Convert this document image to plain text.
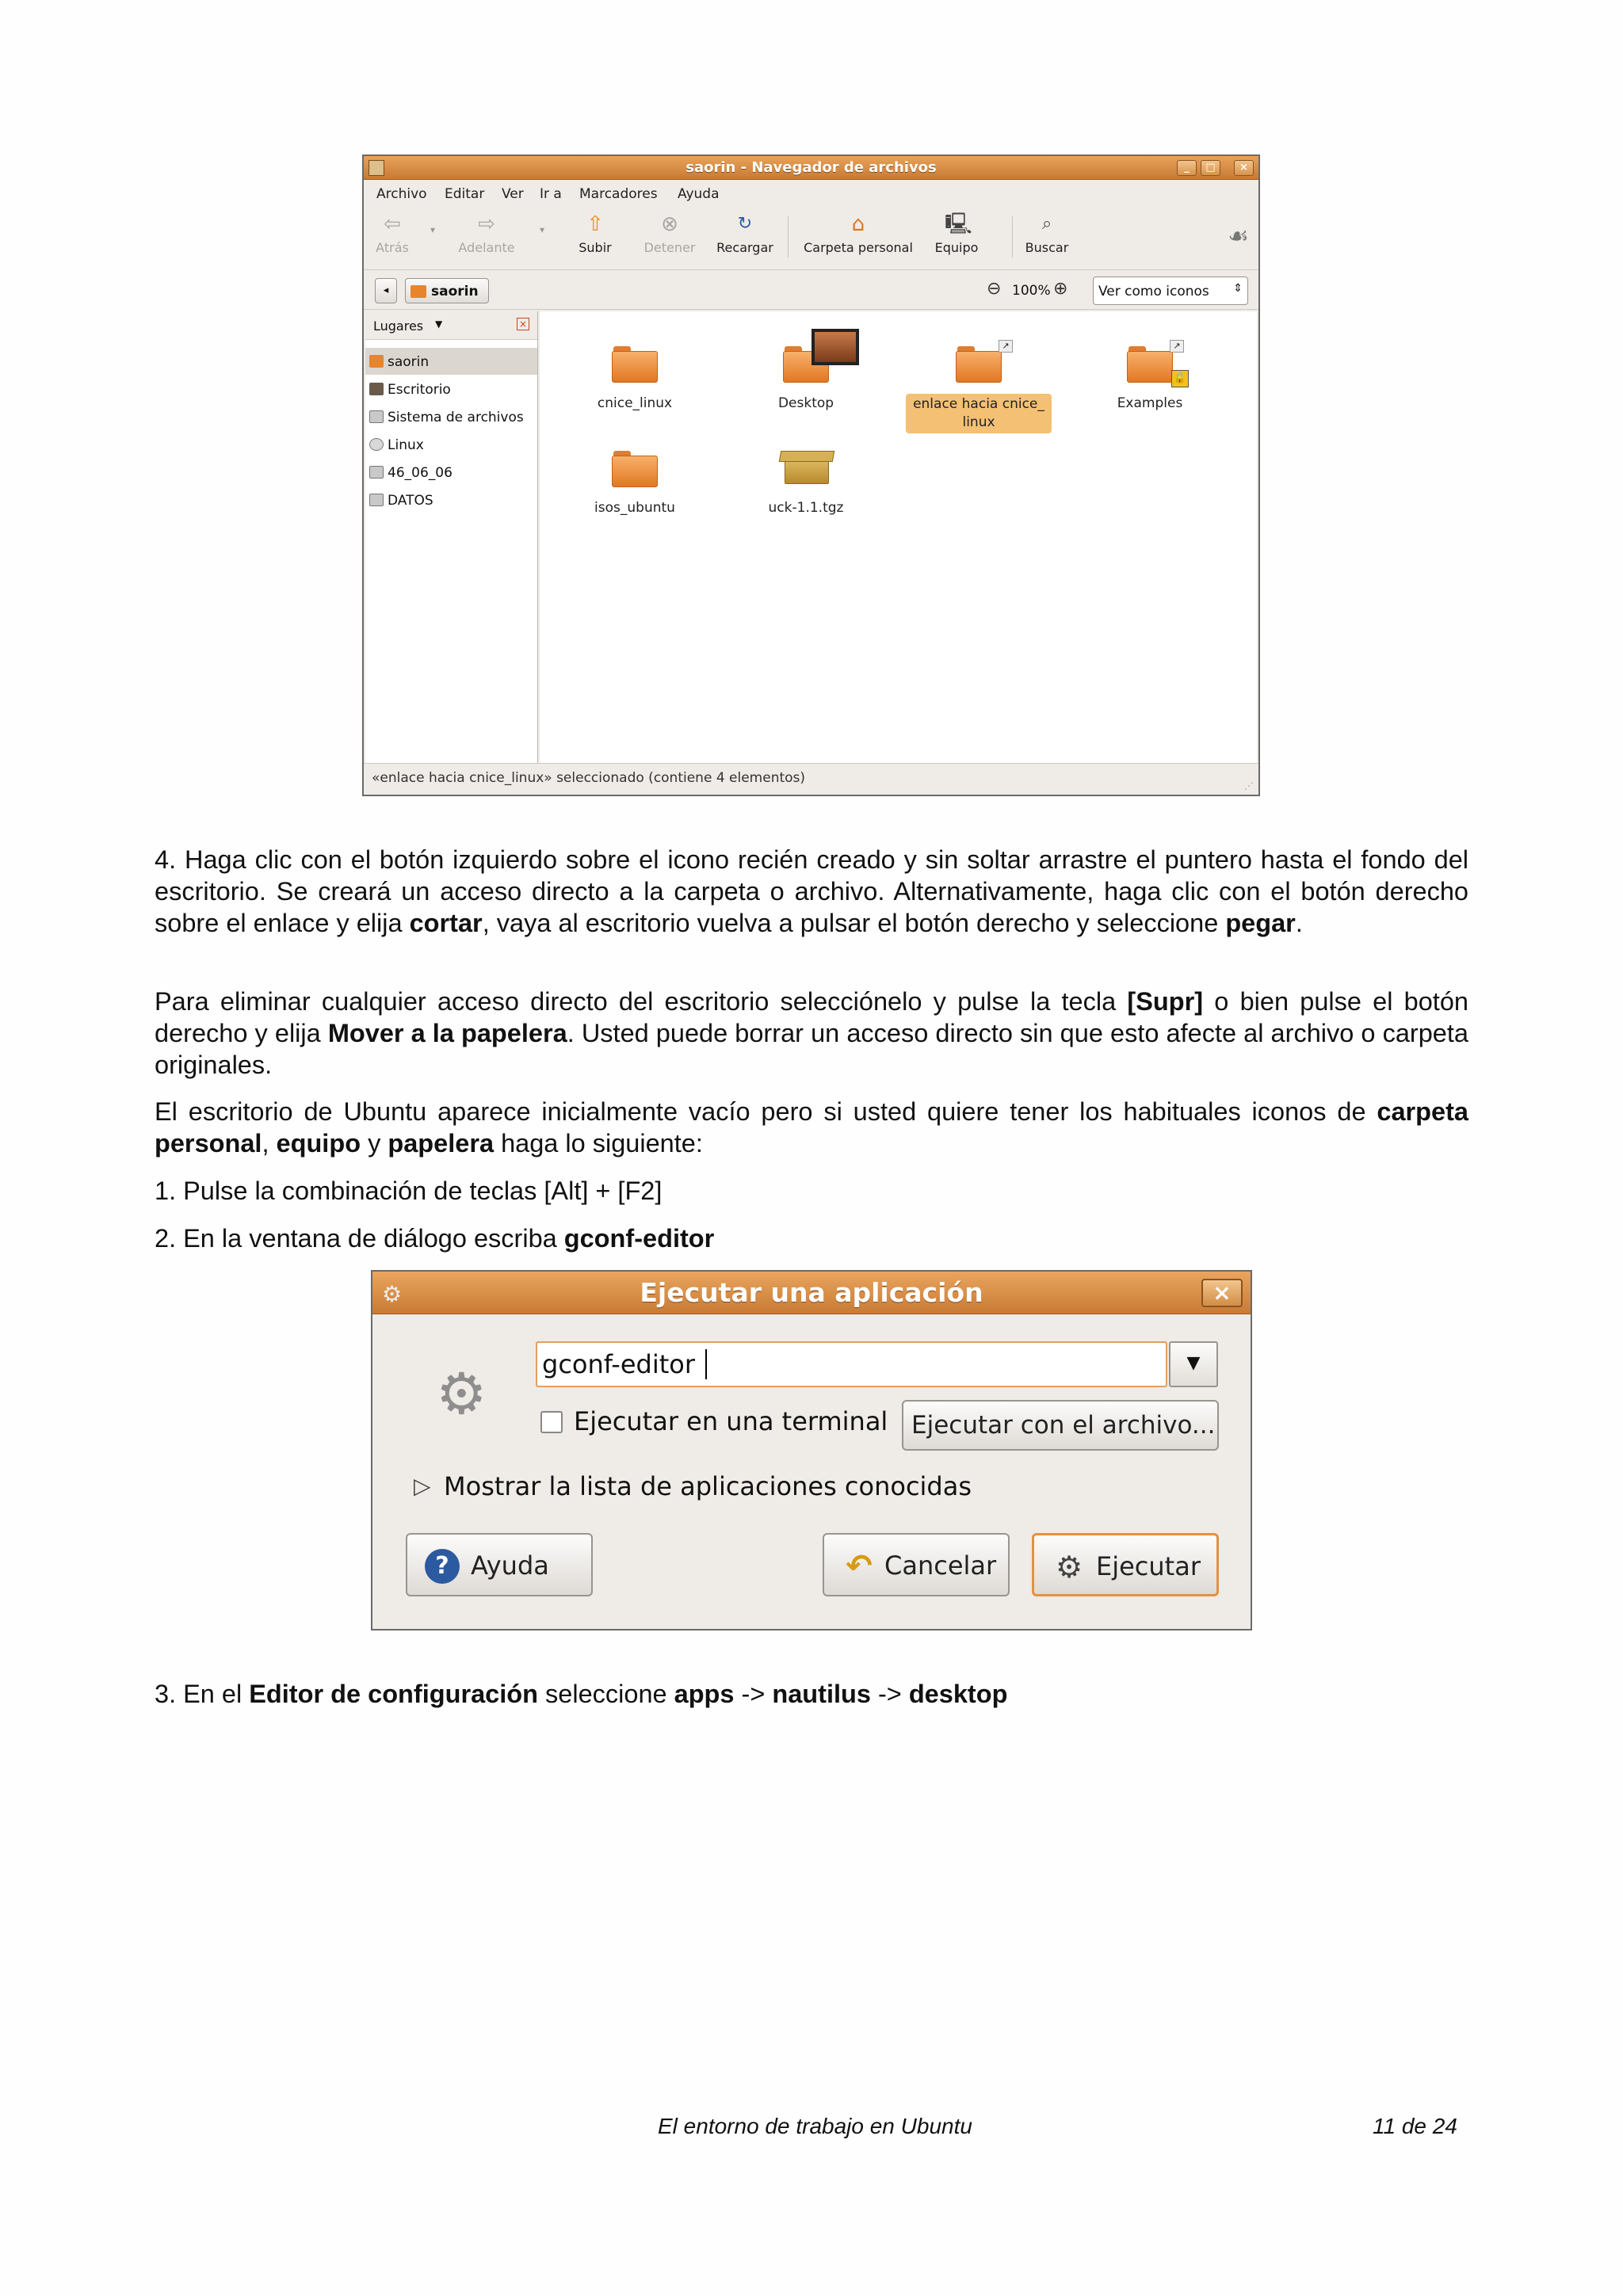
saorin - Navegador de archivos	_	□	×
Archivo Editar Ver Ir a Marcadores Ayuda
⇦
Atrás
▾ ⇨
Adelante
▾ ⇧
Subir
⊗
Detener
↻
Recargar
⌂
Carpeta personal
🖳
Equipo
⌕
Buscar	☙
◂	saorin	⊖ 100% ⊕	Ver como iconos ⇕
Lugares ▼	×
saorin
Escritorio
Sistema de archivos
Linux
46_06_06
DATOS
cnice_linux	Desktop
↗
enlace hacia cnice_ linux
↗
🔒
Examples
isos_ubuntu	uck-1.1.tgz
«enlace hacia cnice_linux» seleccionado (contiene 4 elementos)	⋰

4. Haga clic con el botón izquierdo sobre el icono recién creado y sin soltar arrastre el puntero hasta el fondo del escritorio. Se creará un acceso directo a la carpeta o archivo. Alternativamente, haga clic con el botón derecho sobre el enlace y elija cortar, vaya al escritorio vuelva a pulsar el botón derecho y seleccione pegar.

Para eliminar cualquier acceso directo del escritorio selecciónelo y pulse la tecla [Supr] o bien pulse el botón derecho y elija Mover a la papelera. Usted puede borrar un acceso directo sin que esto afecte al archivo o carpeta originales.

El escritorio de Ubuntu aparece inicialmente vacío pero si usted quiere tener los habituales iconos de carpeta personal, equipo y papelera haga lo siguiente:

1. Pulse la combinación de teclas [Alt] + [F2]

2. En la ventana de diálogo escriba gconf-editor

⚙	Ejecutar una aplicación	×
⚙ gconf-editor	▼
Ejecutar en una terminal Ejecutar con el archivo...
▷ Mostrar la lista de aplicaciones conocidas
? Ayuda	↶ Cancelar ⚙ Ejecutar

3. En el Editor de configuración seleccione apps -> nautilus -> desktop

El entorno de trabajo en Ubuntu	11 de 24
